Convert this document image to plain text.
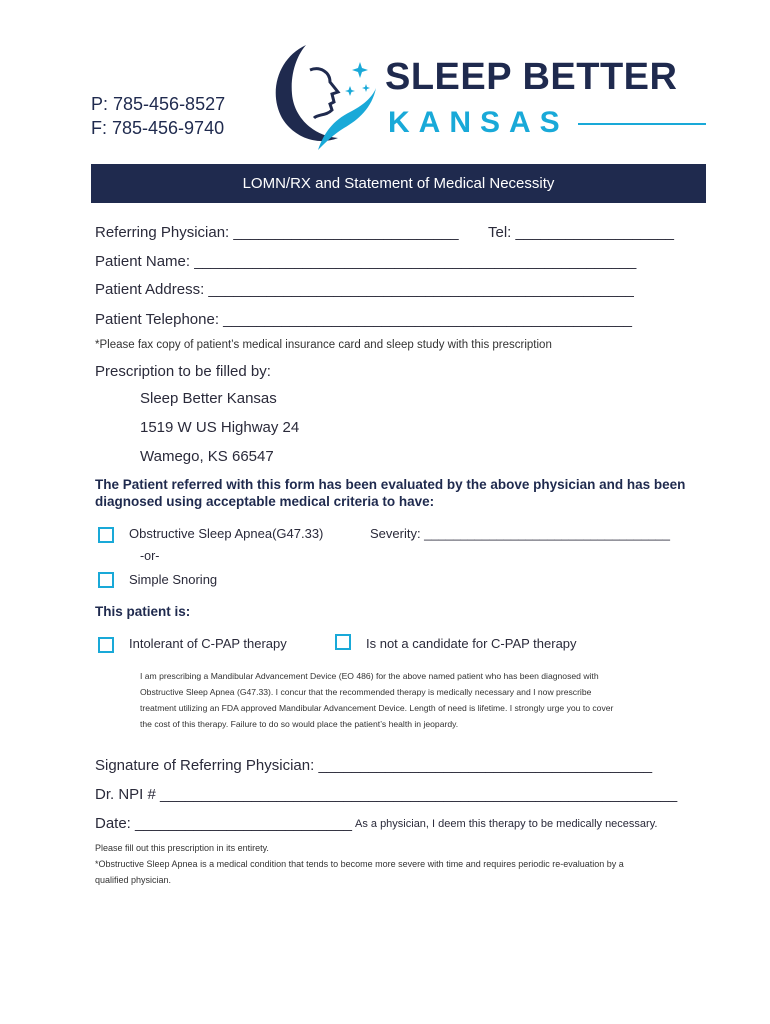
P: 785-456-8527
F: 785-456-9740
SLEEP BETTER
KANSAS
LOMN/RX and Statement of Medical Necessity
Referring Physician: ___________________________ Tel: ___________________
Patient Name: _____________________________________________________
Patient Address: ___________________________________________________
Patient Telephone: _________________________________________________
*Please fax copy of patient’s medical insurance card and sleep study with this prescription
Prescription to be filled by:
Sleep Better Kansas
1519 W US Highway 24
Wamego, KS 66547
The Patient referred with this form has been evaluated by the above physician and has been
diagnosed using acceptable medical criteria to have:
Obstructive Sleep Apnea(G47.33)	Severity: __________________________________
-or-
Simple Snoring
This patient is:
Intolerant of C-PAP therapy	Is not a candidate for C-PAP therapy
I am prescribing a Mandibular Advancement Device (EO 486) for the above named patient who has been diagnosed with
Obstructive Sleep Apnea (G47.33). I concur that the recommended therapy is medically necessary and I now prescribe
treatment utilizing an FDA approved Mandibular Advancement Device. Length of need is lifetime. I strongly urge you to cover
the cost of this therapy. Failure to do so would place the patient’s health in jeopardy.
Signature of Referring Physician: ________________________________________
Dr. NPI # ______________________________________________________________
Date: __________________________ As a physician, I deem this therapy to be medically necessary.
Please fill out this prescription in its entirety.
*Obstructive Sleep Apnea is a medical condition that tends to become more severe with time and requires periodic re-evaluation by a
qualified physician.
